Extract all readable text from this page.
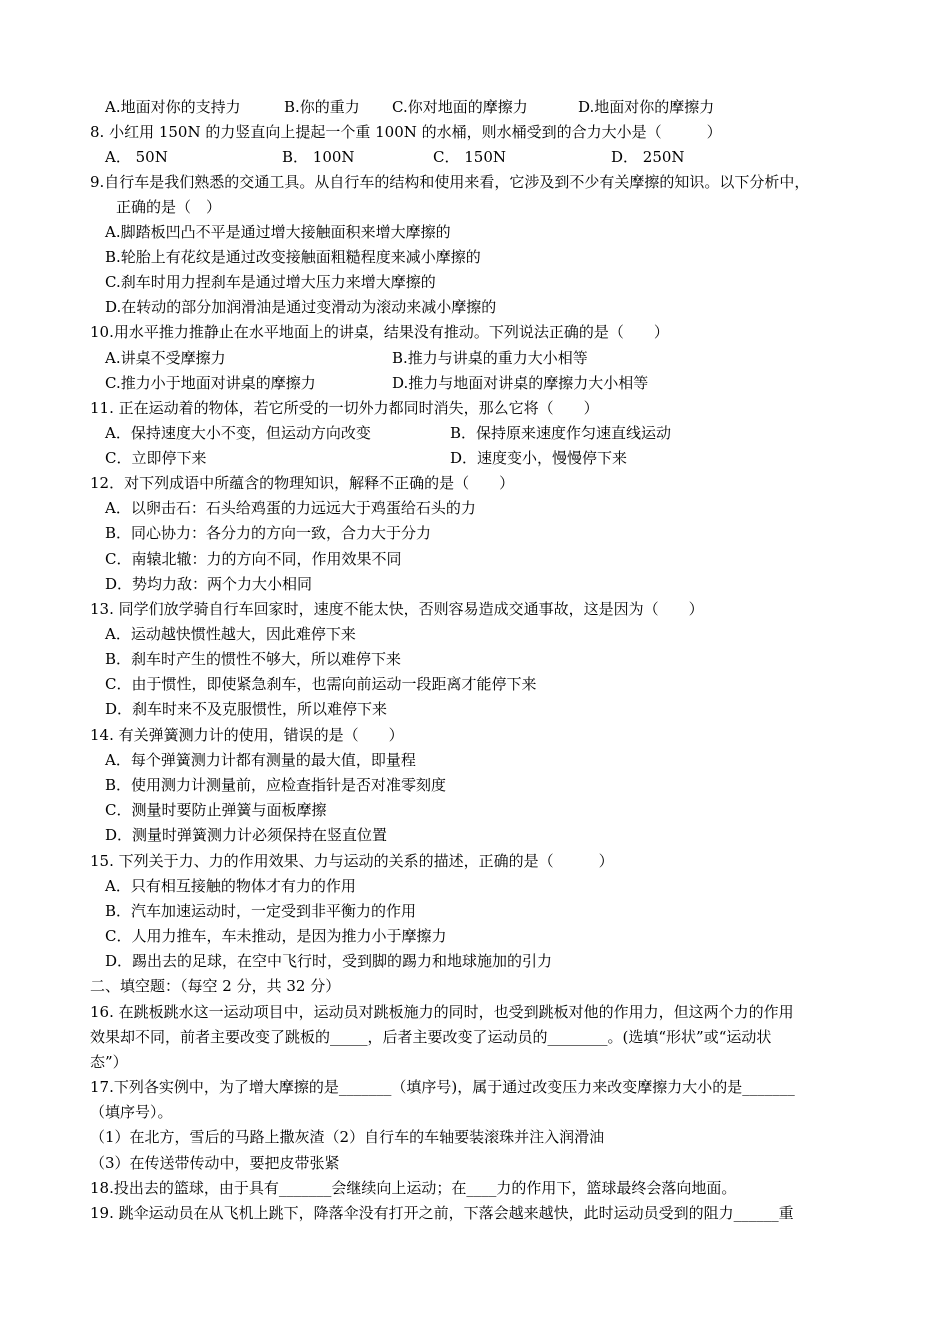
A.地面对你的支持力	B.你的重力 C.你对地面的摩擦力	D.地面对你的摩擦力
8. 小红用 150N 的力竖直向上提起一个重 100N 的水桶，则水桶受到的合力大小是（　　　）
A． 50N	B． 100N	C． 150N	D． 250N
9.自行车是我们熟悉的交通工具。从自行车的结构和使用来看，它涉及到不少有关摩擦的知识。以下分析中，
正确的是（　）
A.脚踏板凹凸不平是通过增大接触面积来增大摩擦的
B.轮胎上有花纹是通过改变接触面粗糙程度来减小摩擦的
C.刹车时用力捏刹车是通过增大压力来增大摩擦的
D.在转动的部分加润滑油是通过变滑动为滚动来减小摩擦的
10.用水平推力推静止在水平地面上的讲桌，结果没有推动。下列说法正确的是（　　）
A.讲桌不受摩擦力	B.推力与讲桌的重力大小相等
C.推力小于地面对讲桌的摩擦力	D.推力与地面对讲桌的摩擦力大小相等
11. 正在运动着的物体，若它所受的一切外力都同时消失，那么它将（　　）
A．保持速度大小不变，但运动方向改变	B．保持原来速度作匀速直线运动
C．立即停下来	D．速度变小，慢慢停下来
12．对下列成语中所蕴含的物理知识，解释不正确的是（　　）
A．以卵击石：石头给鸡蛋的力远远大于鸡蛋给石头的力
B．同心协力：各分力的方向一致，合力大于分力
C．南辕北辙：力的方向不同，作用效果不同
D．势均力敌：两个力大小相同
13. 同学们放学骑自行车回家时，速度不能太快，否则容易造成交通事故，这是因为（　　）
A．运动越快惯性越大，因此难停下来
B．刹车时产生的惯性不够大，所以难停下来
C．由于惯性，即使紧急刹车，也需向前运动一段距离才能停下来
D．刹车时来不及克服惯性，所以难停下来
14. 有关弹簧测力计的使用，错误的是（　　）
A．每个弹簧测力计都有测量的最大值，即量程
B．使用测力计测量前，应检查指针是否对准零刻度
C．测量时要防止弹簧与面板摩擦
D．测量时弹簧测力计必须保持在竖直位置
15. 下列关于力、力的作用效果、力与运动的关系的描述，正确的是（　　　）
A．只有相互接触的物体才有力的作用
B．汽车加速运动时，一定受到非平衡力的作用
C．人用力推车，车未推动，是因为推力小于摩擦力
D．踢出去的足球，在空中飞行时，受到脚的踢力和地球施加的引力
二、填空题：（每空 2 分，共 32 分）
16. 在跳板跳水这一运动项目中，运动员对跳板施力的同时，也受到跳板对他的作用力，但这两个力的作用
效果却不同，前者主要改变了跳板的_____，后者主要改变了运动员的________。(选填“形状”或“运动状
态”）
17.下列各实例中，为了增大摩擦的是_______（填序号)，属于通过改变压力来改变摩擦力大小的是_______
（填序号）。
（1）在北方，雪后的马路上撒灰渣（2）自行车的车轴要装滚珠并注入润滑油
（3）在传送带传动中，要把皮带张紧
18.投出去的篮球，由于具有_______会继续向上运动；在____力的作用下，篮球最终会落向地面。
19. 跳伞运动员在从飞机上跳下，降落伞没有打开之前，下落会越来越快，此时运动员受到的阻力______重
